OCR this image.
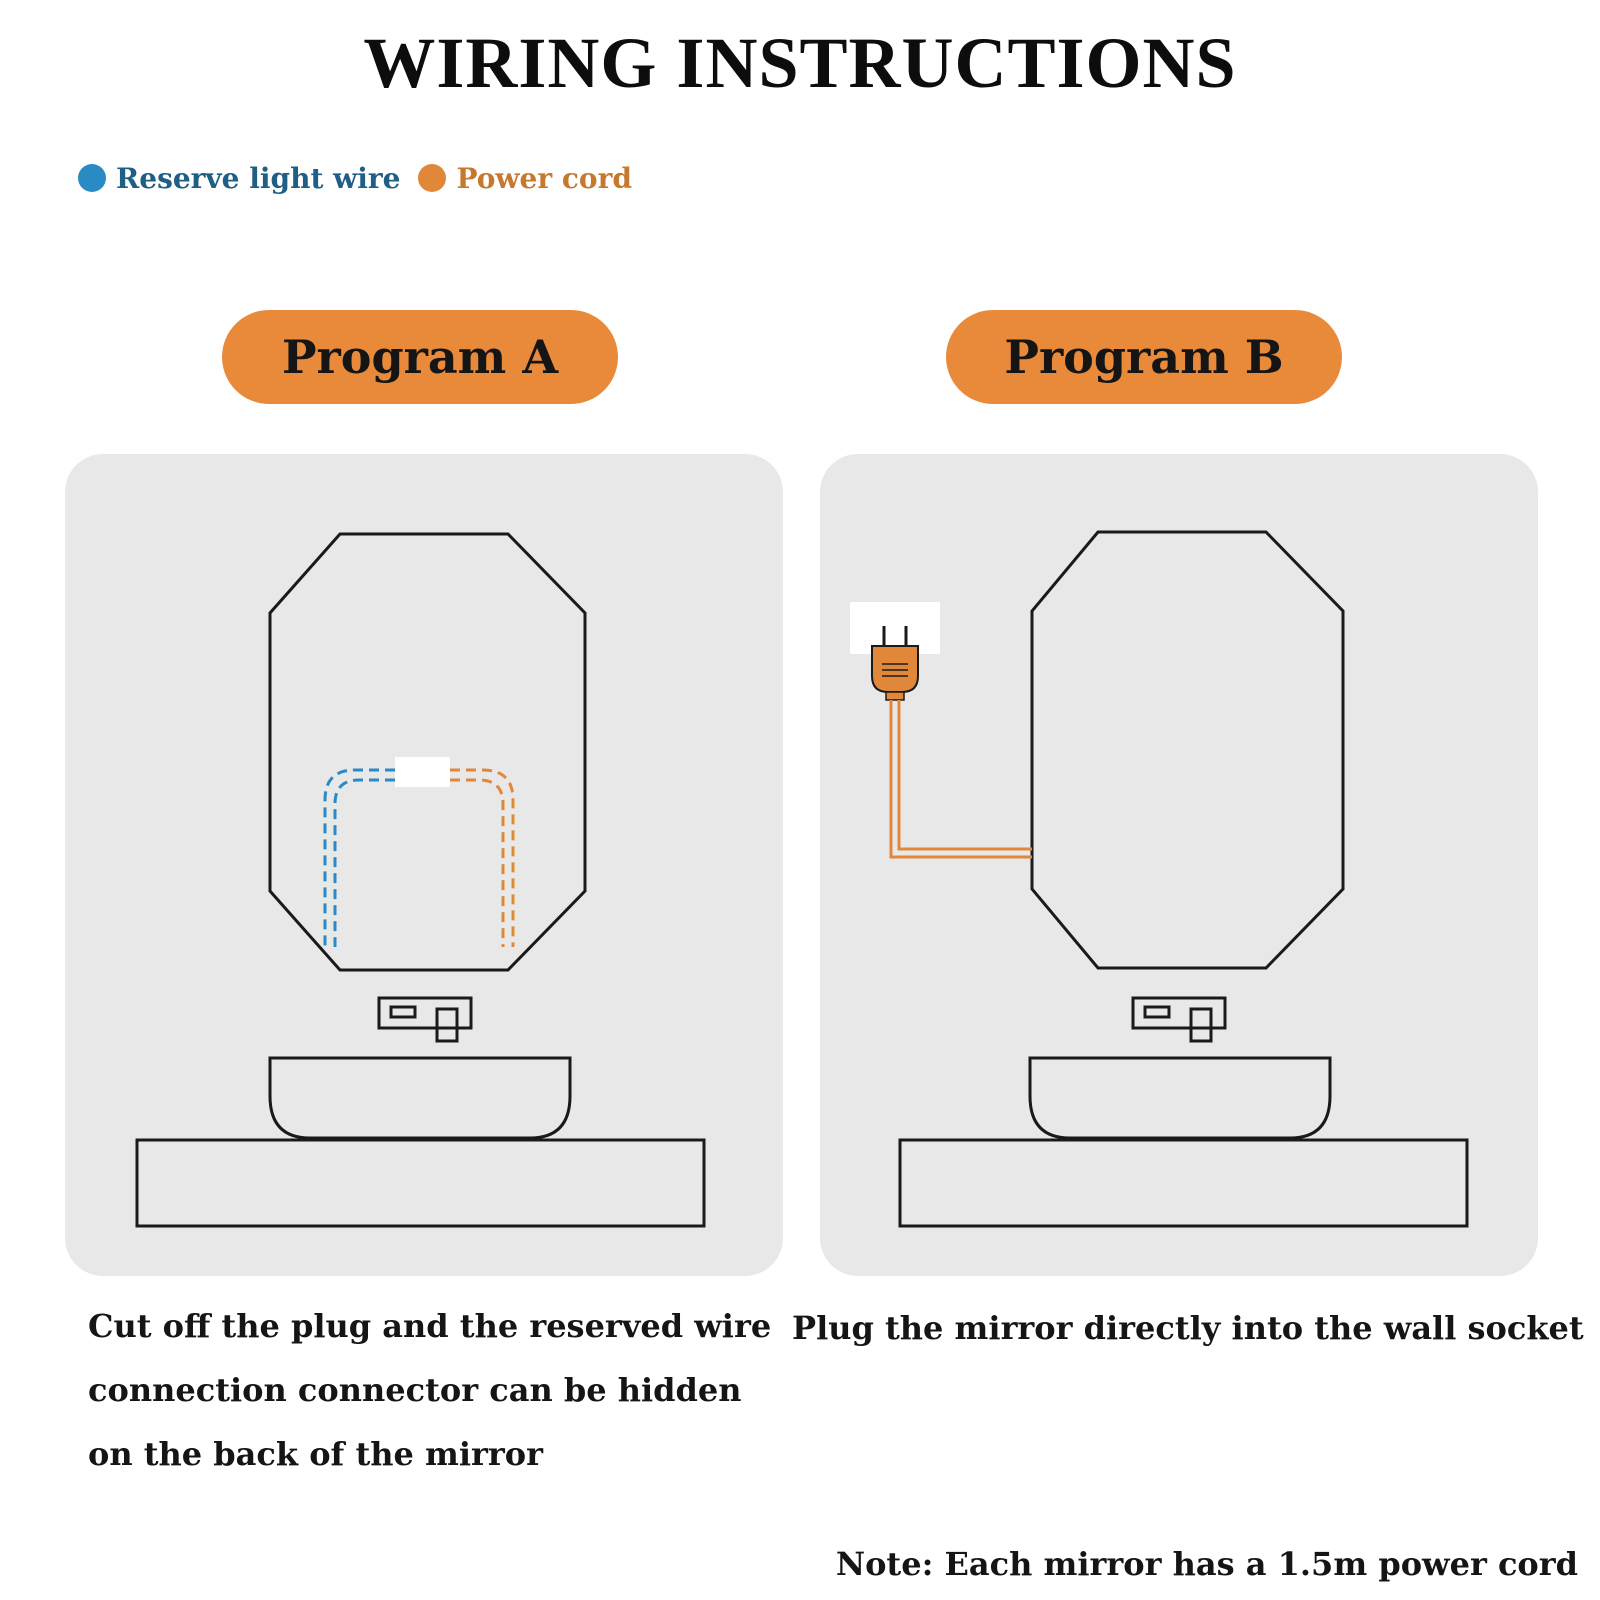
WIRING INSTRUCTIONS
Reserve light wire Power cord
Program A	Program B
Cut off the plug and the reserved wire
connection connector can be hidden
on the back of the mirror
Plug the mirror directly into the wall socket
Note: Each mirror has a 1.5m power cord
